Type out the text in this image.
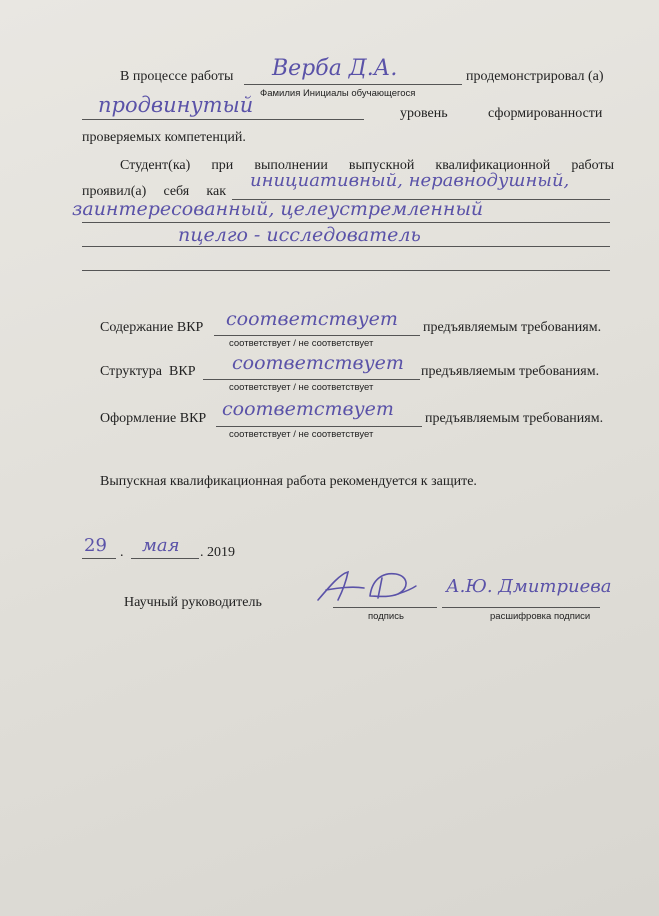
В процессе работы Верба Д.А.	продемонстрировал (а)
Фамилия Инициалы обучающегося
продвинутый	уровень	сформированности
проверяемых компетенций.
Студент(ка) при выполнении выпускной квалификационной работы
проявил(а) себя как
инициативный, неравнодушный,
заинтересованный, целеустремленный
пцелго - исследователь
Содержание ВКР соответствует предъявляемым требованиям.
соответствует / не соответствует
Структура  ВКР соответствует предъявляемым требованиям.
соответствует / не соответствует
Оформление ВКР соответствует предъявляемым требованиям.
соответствует / не соответствует
Выпускная квалификационная работа рекомендуется к защите.
29 . мая . 2019
Научный руководитель
подпись
А.Ю. Дмитриева
расшифровка подписи
